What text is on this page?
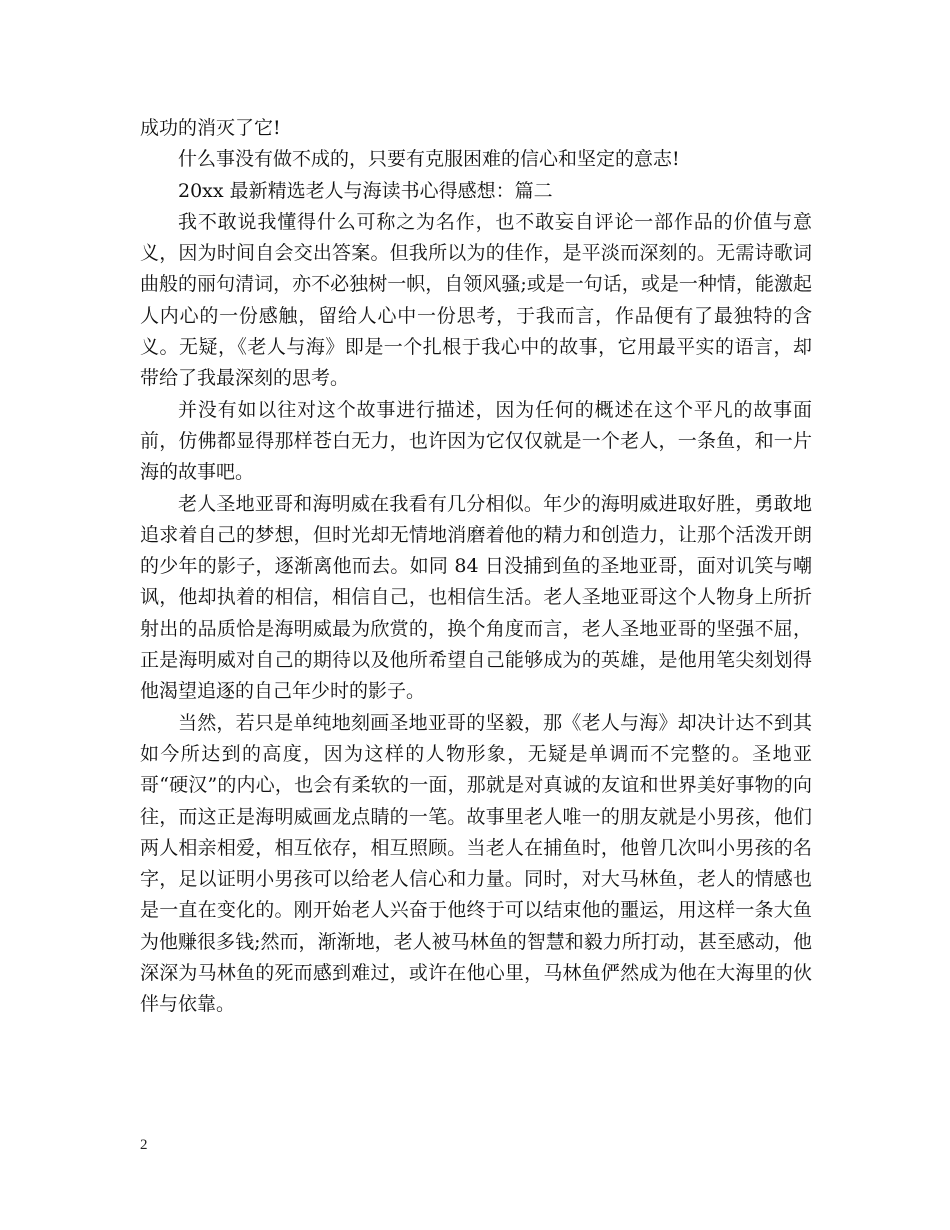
成功的消灭了它!

什么事没有做不成的，只要有克服困难的信心和坚定的意志!

20xx 最新精选老人与海读书心得感想：篇二

我不敢说我懂得什么可称之为名作，也不敢妄自评论一部作品的价值与意义，因为时间自会交出答案。但我所以为的佳作，是平淡而深刻的。无需诗歌词曲般的丽句清词，亦不必独树一帜，自领风骚;或是一句话，或是一种情，能激起人内心的一份感触，留给人心中一份思考，于我而言，作品便有了最独特的含义。无疑，《老人与海》即是一个扎根于我心中的故事，它用最平实的语言，却带给了我最深刻的思考。

并没有如以往对这个故事进行描述，因为任何的概述在这个平凡的故事面前，仿佛都显得那样苍白无力，也许因为它仅仅就是一个老人，一条鱼，和一片海的故事吧。

老人圣地亚哥和海明威在我看有几分相似。年少的海明威进取好胜，勇敢地追求着自己的梦想，但时光却无情地消磨着他的精力和创造力，让那个活泼开朗的少年的影子，逐渐离他而去。如同 84 日没捕到鱼的圣地亚哥，面对讥笑与嘲讽，他却执着的相信，相信自己，也相信生活。老人圣地亚哥这个人物身上所折射出的品质恰是海明威最为欣赏的，换个角度而言，老人圣地亚哥的坚强不屈，正是海明威对自己的期待以及他所希望自己能够成为的英雄，是他用笔尖刻划得他渴望追逐的自己年少时的影子。

当然，若只是单纯地刻画圣地亚哥的坚毅，那《老人与海》却决计达不到其如今所达到的高度，因为这样的人物形象，无疑是单调而不完整的。圣地亚哥“硬汉”的内心，也会有柔软的一面，那就是对真诚的友谊和世界美好事物的向往，而这正是海明威画龙点睛的一笔。故事里老人唯一的朋友就是小男孩，他们两人相亲相爱，相互依存，相互照顾。当老人在捕鱼时，他曾几次叫小男孩的名字，足以证明小男孩可以给老人信心和力量。同时，对大马林鱼，老人的情感也是一直在变化的。刚开始老人兴奋于他终于可以结束他的噩运，用这样一条大鱼为他赚很多钱;然而，渐渐地，老人被马林鱼的智慧和毅力所打动，甚至感动，他深深为马林鱼的死而感到难过，或许在他心里，马林鱼俨然成为他在大海里的伙伴与依靠。

2
